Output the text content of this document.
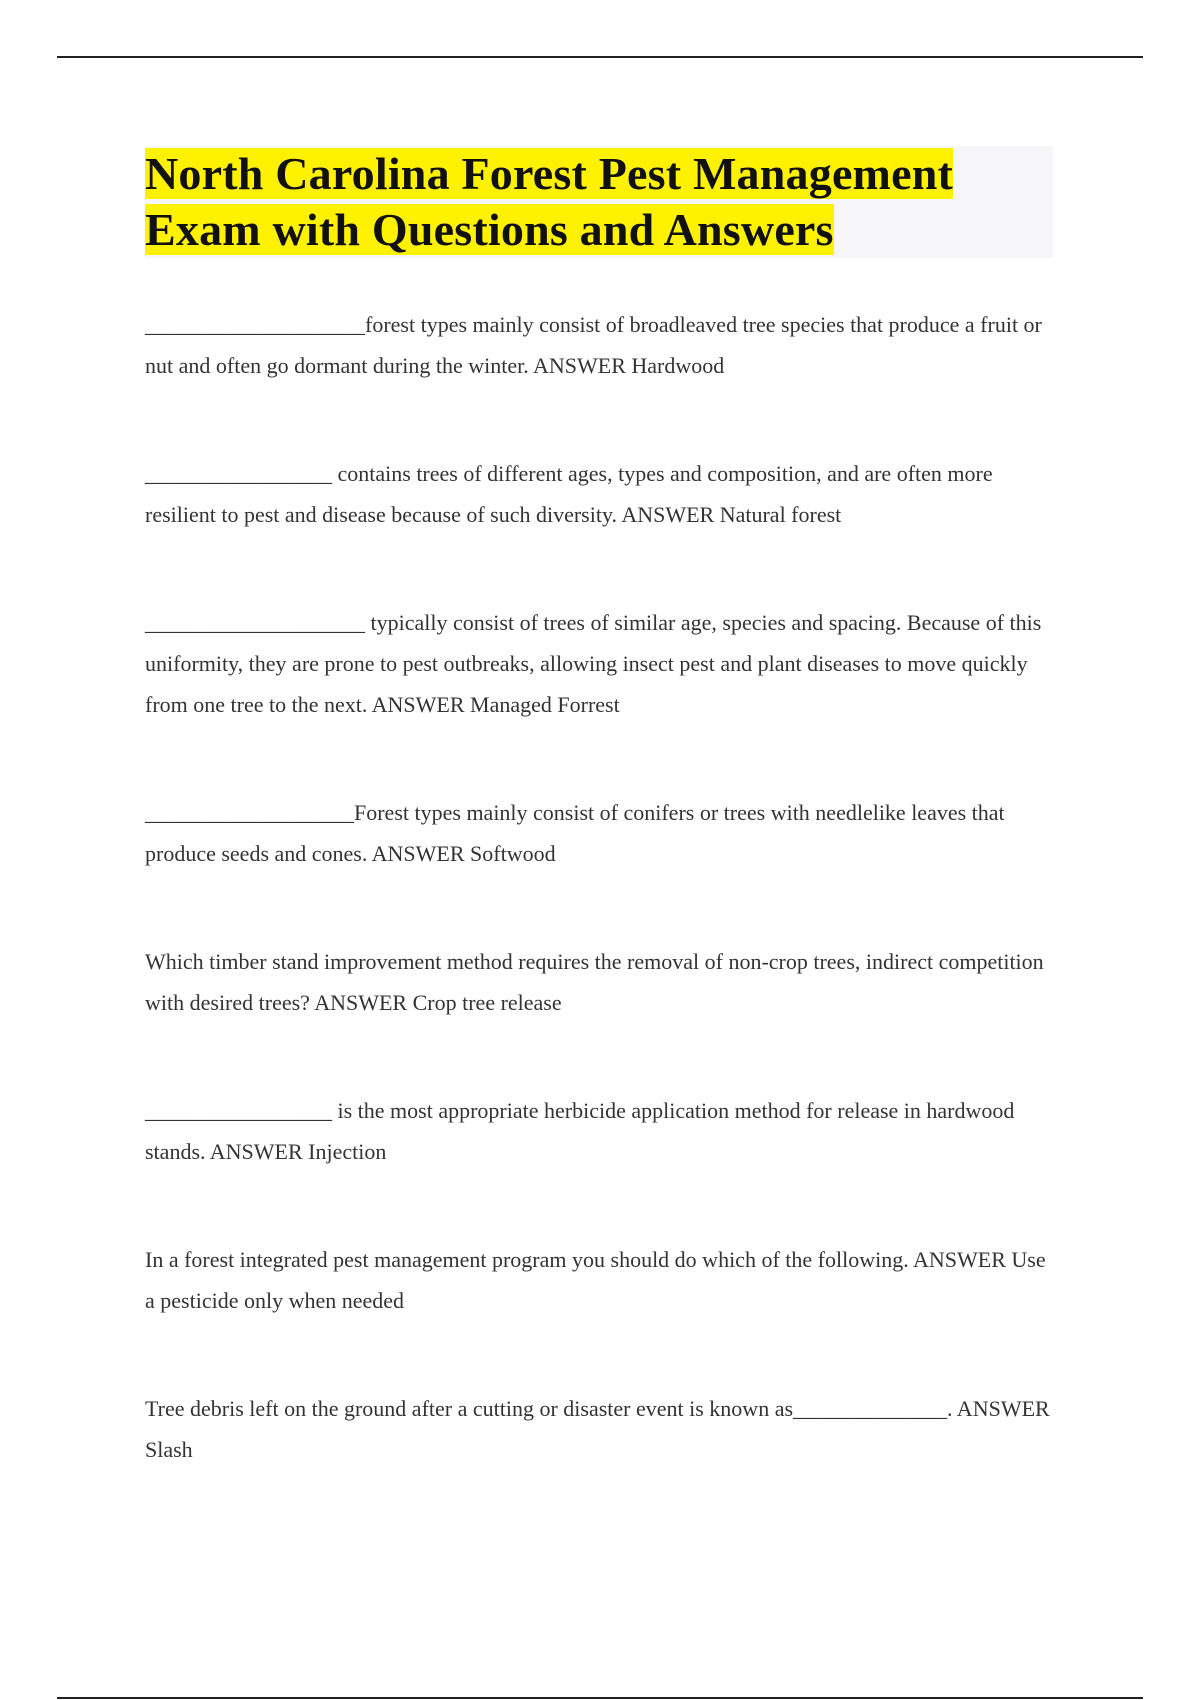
North Carolina Forest Pest Management
Exam with Questions and Answers

____________________forest types mainly consist of broadleaved tree species that produce a fruit or nut and often go dormant during the winter. ANSWER Hardwood

_________________ contains trees of different ages, types and composition, and are often more resilient to pest and disease because of such diversity. ANSWER Natural forest

____________________ typically consist of trees of similar age, species and spacing. Because of this uniformity, they are prone to pest outbreaks, allowing insect pest and plant diseases to move quickly from one tree to the next. ANSWER Managed Forrest

___________________Forest types mainly consist of conifers or trees with needlelike leaves that produce seeds and cones. ANSWER Softwood

Which timber stand improvement method requires the removal of non-crop trees, indirect competition with desired trees? ANSWER Crop tree release

_________________ is the most appropriate herbicide application method for release in hardwood stands. ANSWER Injection

In a forest integrated pest management program you should do which of the following. ANSWER Use a pesticide only when needed

Tree debris left on the ground after a cutting or disaster event is known as______________. ANSWER Slash
